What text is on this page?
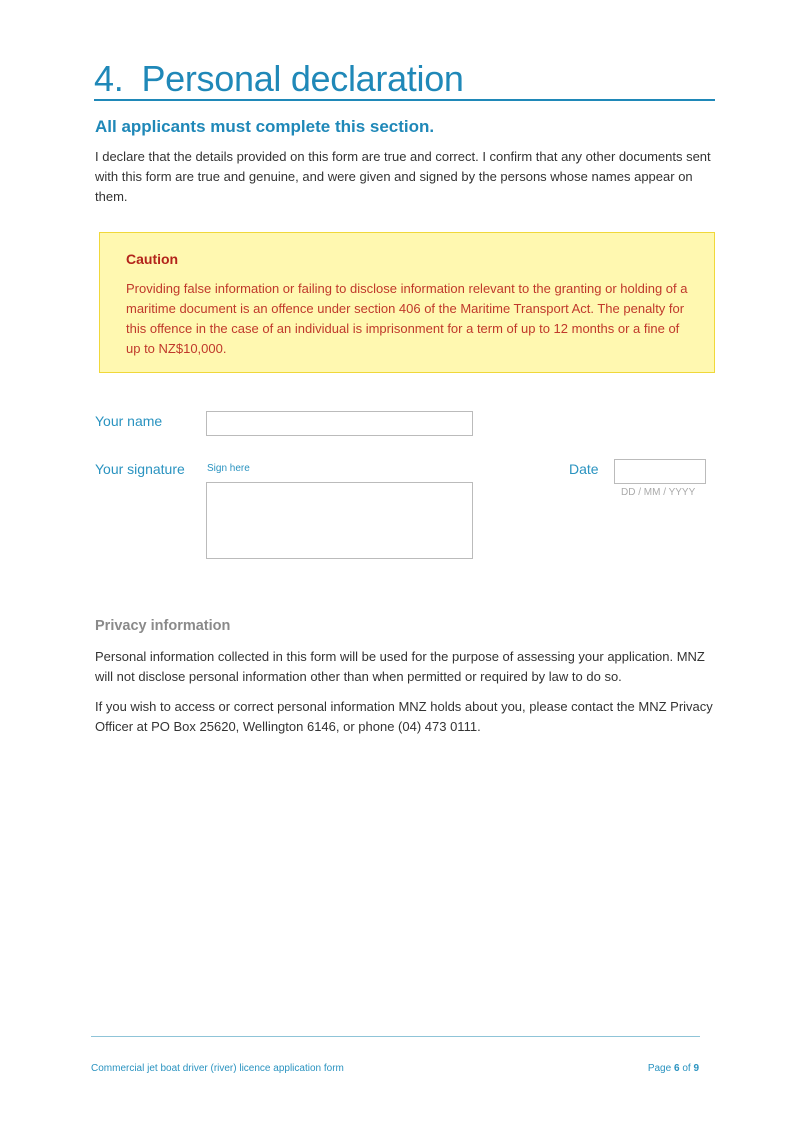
4. Personal declaration
All applicants must complete this section.

I declare that the details provided on this form are true and correct. I confirm that any other documents sent with this form are true and genuine, and were given and signed by the persons whose names appear on them.

Caution

Providing false information or failing to disclose information relevant to the granting or holding of a maritime document is an offence under section 406 of the Maritime Transport Act. The penalty for this offence in the case of an individual is imprisonment for a term of up to 12 months or a fine of up to NZ$10,000.

Your name
Your signature Sign here	Date
DD / MM / YYYY
Privacy information

Personal information collected in this form will be used for the purpose of assessing your application. MNZ will not disclose personal information other than when permitted or required by law to do so.

If you wish to access or correct personal information MNZ holds about you, please contact the MNZ Privacy Officer at PO Box 25620, Wellington 6146, or phone (04) 473 0111.

Commercial jet boat driver (river) licence application form	Page 6 of 9
